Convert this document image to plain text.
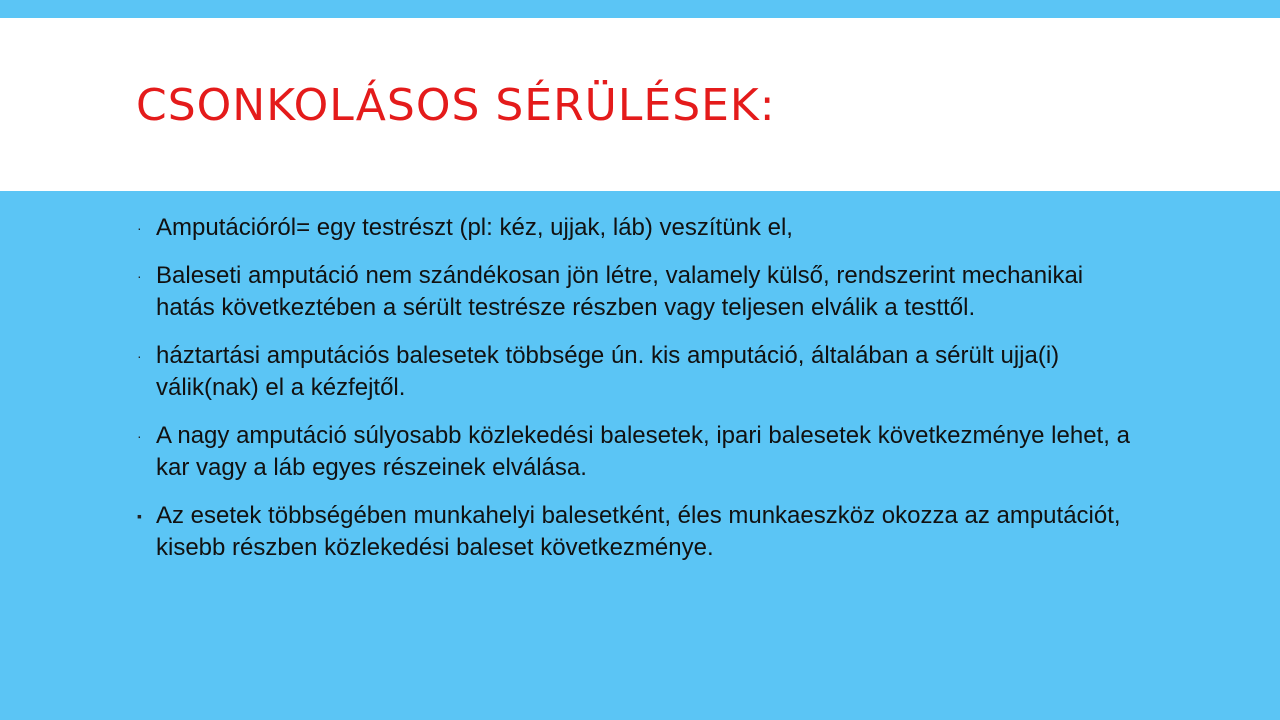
CSONKOLÁSOS SÉRÜLÉSEK:
· Amputációról= egy testrészt (pl: kéz, ujjak, láb) veszítünk el,
· Baleseti amputáció nem szándékosan jön létre, valamely külső, rendszerint mechanikai hatás következtében a sérült testrésze részben vagy teljesen elválik a testtől.
· háztartási amputációs balesetek többsége ún. kis amputáció, általában a sérült ujja(i) válik(nak) el a kézfejtől.
· A nagy amputáció súlyosabb közlekedési balesetek, ipari balesetek következménye lehet, a kar vagy a láb egyes részeinek elválása.
▪ Az esetek többségében munkahelyi balesetként, éles munkaeszköz okozza az amputációt, kisebb részben közlekedési baleset következménye.
